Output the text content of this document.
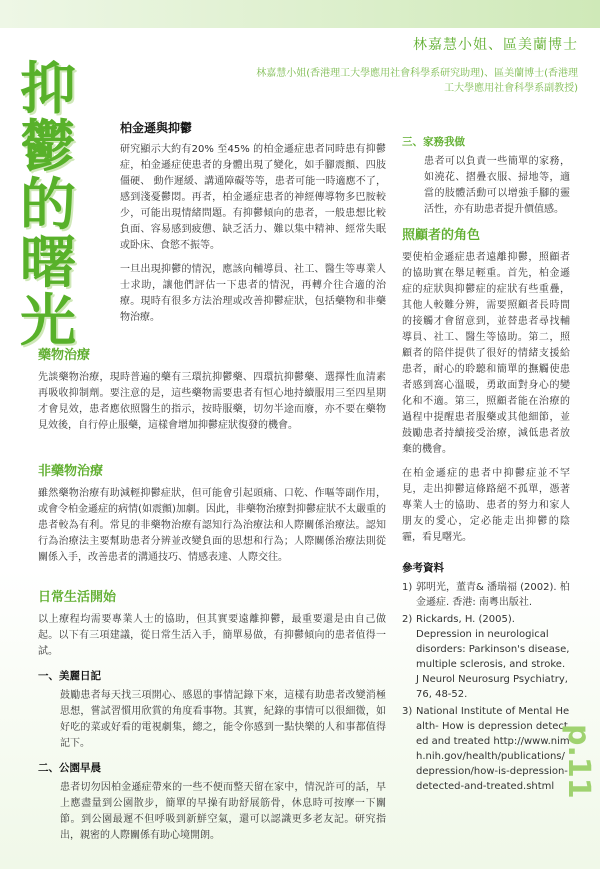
林嘉慧小姐、區美蘭博士
林嘉慧小姐(香港理工大學應用社會科學系研究助理)、區美蘭博士(香港理工大學應用社會科學系副教授)
抑
鬱
的
曙
光
柏金遜與抑鬱

研究顯示大約有20% 至45% 的柏金遜症患者同時患有抑鬱症，柏金遜症使患者的身體出現了變化，如手腳震顫、四肢僵硬、 動作遲緩、講通障礙等等，患者可能一時適應不了，感到淺憂鬱悶。再者，柏金遜症患者的神經傳導物多巴胺較少，可能出現情緒問題。有抑鬱傾向的患者，一般患想比較負面、容易感到疲憊、缺乏活力、難以集中精神、經常失眠或卧床、食慾不振等。

一旦出現抑鬱的情況，應該向輔導員、社工、醫生等專業人士求助，讓他們評估一下患者的情況，再轉介往合適的治療。現時有很多方法治理或改善抑鬱症狀，包括藥物和非藥物治療。

藥物治療

先談藥物治療，現時普遍的藥有三環抗抑鬱藥、四環抗抑鬱藥、選擇性血清素再吸收抑制劑。要注意的是，這些藥物需要患者有恒心地持續服用三至四星期才會見效，患者應依照醫生的指示，按時服藥，切勿半途而廢，亦不要在藥物見效後，自行停止服藥，這樣會增加抑鬱症狀復發的機會。

非藥物治療

雖然藥物治療有助減輕抑鬱症狀，但可能會引起頭痛、口乾、作嘔等副作用，或會令柏金遜症的病情(如震顫)加劇。因此，非藥物治療對抑鬱症狀不太嚴重的患者較為有利。常見的非藥物治療有認知行為治療法和人際關係治療法。認知行為治療法主要幫助患者分辨並改變負面的思想和行為；人際關係治療法則從關係入手，改善患者的溝通技巧、情感表達、人際交往。

日常生活開始

以上療程均需要專業人士的協助，但其實要遠離抑鬱，最重要還是由自己做起。以下有三項建議，從日常生活入手，簡單易做，有抑鬱傾向的患者值得一試。

一、美麗日記

鼓勵患者每天找三項開心、感恩的事情記錄下來，這樣有助患者改變消極思想，嘗試習慣用欣賞的角度看事物。其實，紀錄的事情可以很細微，如好吃的菜或好看的電視劇集，總之，能令你感到一點快樂的人和事都值得記下。

二、公園早晨

患者切勿因柏金遜症帶來的一些不便而整天留在家中，情況許可的話，早上應盡量到公園散步，簡單的早操有助舒展筋骨，休息時可按摩一下關節。到公園最遲不但呼吸到新鮮空氣，還可以認識更多老友記。研究指出，親密的人際關係有助心境開朗。

三、家務我做

患者可以負責一些簡單的家務，如澆花、摺疊衣服、掃地等，適當的肢體活動可以增強手腳的靈活性，亦有助患者提升價值感。

照顧者的角色

要使柏金遜症患者遠離抑鬱，照顧者的協助實在舉足輕重。首先，柏金遜症的症狀與抑鬱症的症狀有些重疊，其他人較難分辨，需要照顧者長時間的接觸才會留意到，並替患者尋找輔導員、社工、醫生等協助。第二，照顧者的陪伴提供了很好的情緒支援給患者，耐心的聆聽和簡單的撫觸使患者感到窩心溫暖，勇敢面對身心的變化和不適。第三，照顧者能在治療的過程中提醒患者服藥或其他細節，並鼓勵患者持續接受治療，減低患者放棄的機會。

在柏金遜症的患者中抑鬱症並不罕見，走出抑鬱這條路絕不孤單，憑著專業人士的協助、患者的努力和家人朋友的愛心，定必能走出抑鬱的陰霾，看見曙光。

參考資料
1) 郭明光，董青& 潘瑞福 (2002). 柏金遜症. 香港: 南粵出版社.
2) Rickards, H. (2005). Depression in neurological disorders: Parkinson's disease, multiple sclerosis, and stroke. J Neurol Neurosurg Psychiatry, 76, 48-52.
3) National Institute of Mental Health- How is depression detected and treated http://www.nimh.nih.gov/health/publications/depression/how-is-depression-detected-and-treated.shtml p.11
